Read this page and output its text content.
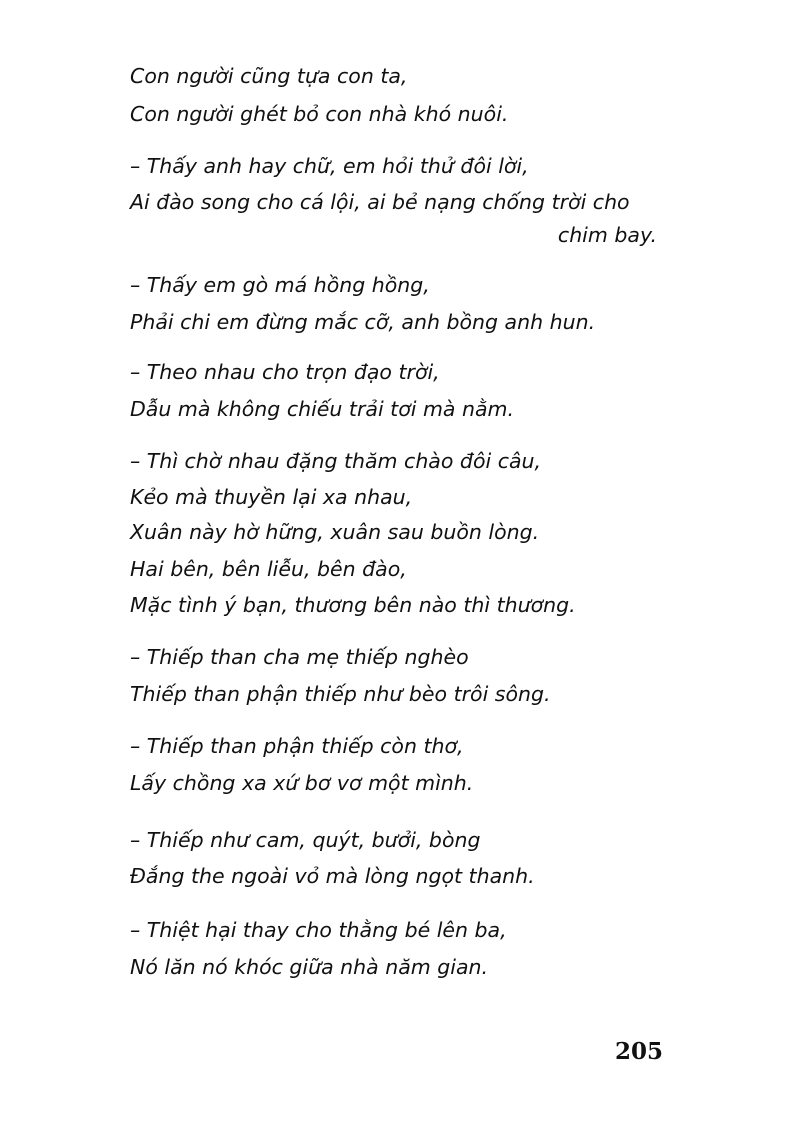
Con người cũng tựa con ta,
Con người ghét bỏ con nhà khó nuôi.
– Thấy anh hay chữ, em hỏi thử đôi lời,
Ai đào song cho cá lội, ai bẻ nạng chống trời cho
chim bay.
– Thấy em gò má hồng hồng,
Phải chi em đừng mắc cỡ, anh bồng anh hun.
– Theo nhau cho trọn đạo trời,
Dẫu mà không chiếu trải tơi mà nằm.
– Thì chờ nhau đặng thăm chào đôi câu,
Kẻo mà thuyền lại xa nhau,
Xuân này hờ hững, xuân sau buồn lòng.
Hai bên, bên liễu, bên đào,
Mặc tình ý bạn, thương bên nào thì thương.
– Thiếp than cha mẹ thiếp nghèo
Thiếp than phận thiếp như bèo trôi sông.
– Thiếp than phận thiếp còn thơ,
Lấy chồng xa xứ bơ vơ một mình.
– Thiếp như cam, quýt, bưởi, bòng
Đắng the ngoài vỏ mà lòng ngọt thanh.
– Thiệt hại thay cho thằng bé lên ba,
Nó lăn nó khóc giữa nhà năm gian.
205
